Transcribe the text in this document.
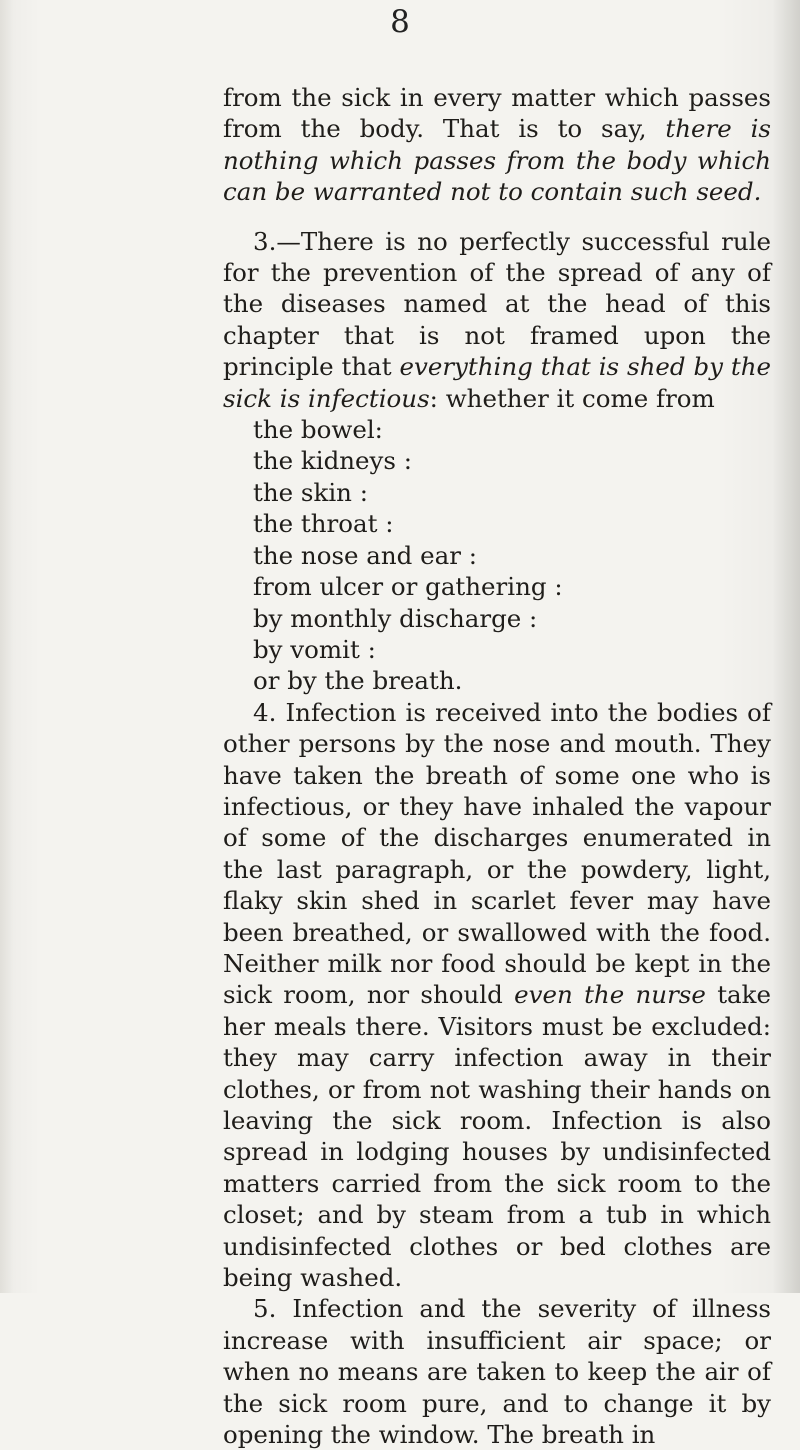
8

from the sick in every matter which passes from the body. That is to say, there is nothing which passes from the body which can be warranted not to contain such seed.

3.—There is no perfectly successful rule for the prevention of the spread of any of the diseases named at the head of this chapter that is not framed upon the principle that everything that is shed by the sick is infectious: whether it come from

the bowel:

the kidneys :

the skin :

the throat :

the nose and ear :

from ulcer or gathering :

by monthly discharge :

by vomit :

or by the breath.

4. Infection is received into the bodies of other persons by the nose and mouth. They have taken the breath of some one who is infectious, or they have inhaled the vapour of some of the discharges enumerated in the last paragraph, or the powdery, light, flaky skin shed in scarlet fever may have been breathed, or swallowed with the food. Neither milk nor food should be kept in the sick room, nor should even the nurse take her meals there. Visitors must be excluded: they may carry infection away in their clothes, or from not washing their hands on leaving the sick room. Infection is also spread in lodging houses by undisinfected matters carried from the sick room to the closet; and by steam from a tub in which undisinfected clothes or bed clothes are being washed.

5. Infection and the severity of illness increase with insufficient air space; or when no means are taken to keep the air of the sick room pure, and to change it by opening the window. The breath in
